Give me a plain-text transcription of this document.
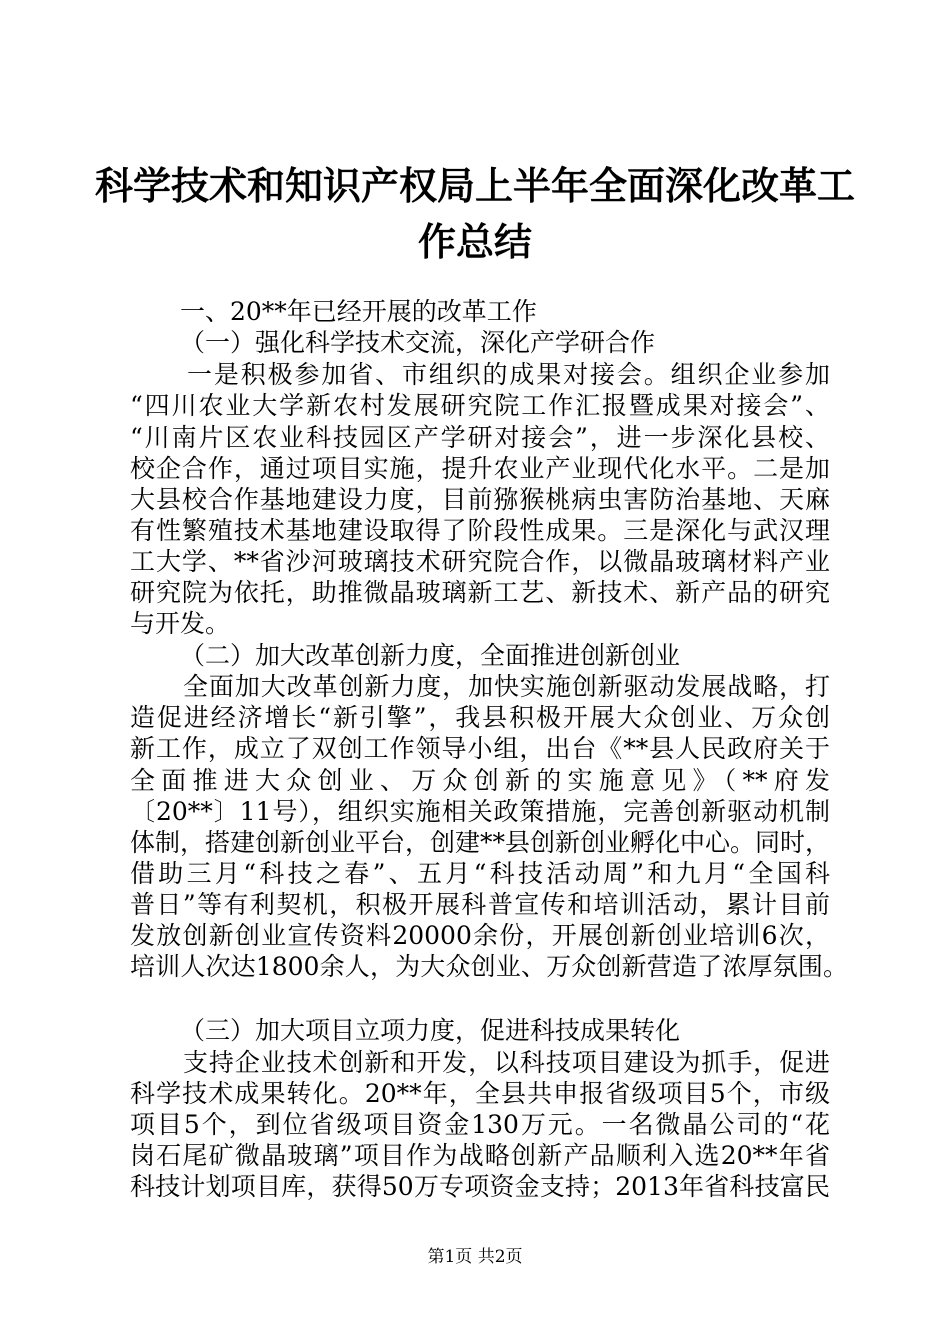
科学技术和知识产权局上半年全面深化改革工
作总结
一、20**年已经开展的改革工作
（一）强化科学技术交流，深化产学研合作
一是积极参加省、市组织的成果对接会。组织企业参加
“四川农业大学新农村发展研究院工作汇报暨成果对接会”、
“川南片区农业科技园区产学研对接会”，进一步深化县校、
校企合作，通过项目实施，提升农业产业现代化水平。二是加
大县校合作基地建设力度，目前猕猴桃病虫害防治基地、天麻
有性繁殖技术基地建设取得了阶段性成果。三是深化与武汉理
工大学、**省沙河玻璃技术研究院合作，以微晶玻璃材料产业
研究院为依托，助推微晶玻璃新工艺、新技术、新产品的研究
与开发。
（二）加大改革创新力度，全面推进创新创业
全面加大改革创新力度，加快实施创新驱动发展战略，打
造促进经济增长“新引擎”，我县积极开展大众创业、万众创
新工作，成立了双创工作领导小组，出台《**县人民政府关于
全面推进大众创业、万众创新的实施意见》（**府发
〔20**〕11号），组织实施相关政策措施，完善创新驱动机制
体制，搭建创新创业平台，创建**县创新创业孵化中心。同时，
借助三月“科技之春”、五月“科技活动周”和九月“全国科
普日”等有利契机，积极开展科普宣传和培训活动，累计目前
发放创新创业宣传资料20000余份，开展创新创业培训6次，
培训人次达1800余人，为大众创业、万众创新营造了浓厚氛围。
（三）加大项目立项力度，促进科技成果转化
支持企业技术创新和开发，以科技项目建设为抓手，促进
科学技术成果转化。20**年，全县共申报省级项目5个，市级
项目5个，到位省级项目资金130万元。一名微晶公司的“花
岗石尾矿微晶玻璃”项目作为战略创新产品顺利入选20**年省
科技计划项目库，获得50万专项资金支持；2013年省科技富民
第1页 共2页
